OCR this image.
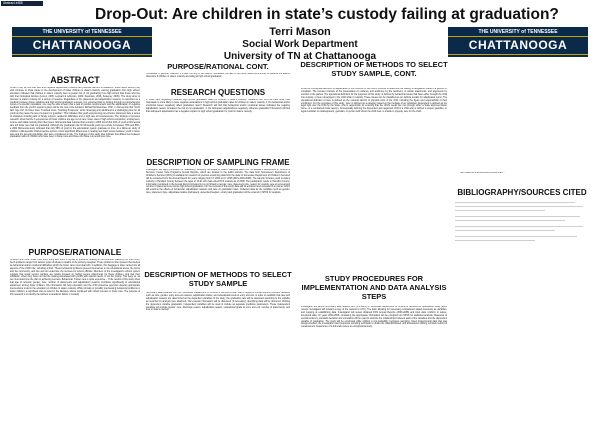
Abstract #488
Drop-Out: Are children in state’s custody failing at graduation?
THE UNIVERSITY of TENNESSEE
CHATTANOOGA
THE UNIVERSITY of TENNESSEE
CHATTANOOGA
Terri Mason
Social Work Department
University of TN at Chattanooga
ABSTRACT
While it may be true that new and negative adjudication reasons are potential barriers to academic, these same factors may also continue to show cause to the development of foster children in state's custody, earning graduation from high school. Literature indicates that children in state's custody have a greater risk of not graduating from high school than those who live with their biological families (Lorren, 2005; Leonard & Jefferson, 2009; Stearman, 2006; Sweeney, 2000). The study aims to discover in state's custody for a variety of reasons. Regardless of the placement and adjudication reasons, is examined as a predictor between these variables and high school graduation success. It is expected that by looking through a comprehensive review of a specific population, one may be able to learn that a lack of positive reinforcement and the adjudication of negative feedback from the youth's support system will be the root of the behavior. Richard McGlumshee, PhD., in his keynote that 'Youth with 'Age Out' of Foster Care: Troubled Lives, Troubling Prospects', wrote 'Emerging into adulthood is a challenging time for all youth as they leave the ties of a parent or guardian.' This indicates that youth experiencing out-of-home placement face a series of obstacles including lack of family support, academic difficulties and a high rate of homelessness. The findings of previous research show that the 3 experiences of foster children are age out of care, lower rates of high school completion, employment, income and stable housing than their peers. Minnesota data reported that a study in 2005 found that 34% of youth in Minnesota who left foster care had not graduated. Although the graduation rate for Minnesota youth as a whole is between 78% and 83%, a 2004 Minnesota study indicated that only 58% of youth in the educational system graduate on time. In a follow-up study of children in Minnesota's child protective system, found significant differences in reading and math scores between youth in foster care and the general population who were considered at risk. The findings of this study also indicate that differences between graduation rates of children who have been in foster care and those who have not persist over time.
PURPOSE/RATIONALE
Children who enter foster care often bring with them a myriad of problems relating to the recurrent reason(s) for their entry. Such problems range from various types of abuse to deaths of the primary caregiver. These problems often present themselves as behavioral and/or emotional difficulties which the foster carer must deal with. In addition, this baggage is often carried into all aspects of the child's life, including school. These behavioral problems present themselves in the educational arena, the home and the community, and can and do undermine the success for school officials. Members of the investigator's school system suggest that social service workers are mostly focused on finding secure placements for these children, and that their education, when they have not had the training associated with youths with special needs, is not the priority. This begs us, as we must determine the plan to achieving success. Behavioral: 'Foster care is quite expensive...' If the results of this study show that age of removal, gender, race, number of placements and adjudication reasons contribute significantly to educational attainment among foster children, this information will help educators and the child protective agencies develop appropriate interventions to aid in the education of children in state's custody. While formally or possibly interviewing behavioral problems in foster children, a significant step is noted in the literature whose combined with school success in foster care. The purpose of this research is to identify the barriers to academic failure in custody.
PURPOSE/RATIONAL CONT.
Tennessee, in general, however, it is well, not only in the state of Tennessee, but also in the entire Nation as a whole, to examine the data to determine if children in state's custody are failing at high school graduation.
RESEARCH QUESTIONS
1. Does race negatively influence high school graduation rates for children in state's custody? Research will find that race other than Caucasian is more likely to have negative associations in high school graduation rates for children in state's custody. 2. Do behavioral and/or emotional issues negatively affect graduation rates? Research will find that behavioral and/or emotional issues indicated the negative adjudication reason increases the risk of non-graduation. 3. Do delinquent adjudications negatively influence graduation? Research will find that delinquent adjudication has a negative impact on high school graduation for youth in state's custody.
DESCRIPTION OF SAMPLING FRAME
Investigator will apply purposive (or availability) sampling technique to collect statistical data from Tennessee's Department of Children's Services. Foster Care Program's Annual Reports, which are located in the public domain. The data from Tennessee's Department of Children's Services (DCS) is available for research of previous examining data from the state of Tennessee Department of Children's Services will be extracted from the Annual Report for years ranging from FY 2003 to FY 2008 (DCS 2003-2008). The sample includes youth in state's custody in Hamilton County between the ages of 16-21 who had exited DCS custody as of 2008. The participants reside in Hamilton County. Information contained in the Annual Report includes but is not limited to gender, race, placement type, reason for custody, age at removal and number of placements as well as high school graduation. For the purpose of this study, data will be extracted and reviewed in a manner which will examine the effects of behavioral, adjudication reasons and race on graduation rates. Collected data for the variables such as gender, race, placement type, adjudicated status (delinquent, dependent/neglect, unruly) and graduation will be entered in SPSS for analysis.
DESCRIPTION OF METHODS TO SELECT STUDY SAMPLE
Secondary data obtained from the Tennessee Department of Children's Services Foster Care Program's Annual Reports includes variables such as race, gender, entry and exit reasons, adjudication status, and educational levels at entry and exit. In order to establish that race and adjudication reasons are determined as the dependent variables of the study, the graduation rate will be assessed according to the variable as recorded on analysis (see attached). Non-relevant information will be dissolved: (if necessary), identifying data will be obscured. Utilizing the dependent variable graduation, independent variables will be used to include as separate predictive parameters. These independent variables will include gender, race, discharge reason, adjudication reason, educational grade at entry and exit, number of placements, and time in state's custody.
DESCRIPTION OF METHODS TO SELECT STUDY SAMPLE, CONT.
While the conceptual definition of adjudication is the outcome of the court's process to determine the validity of allegations made in a petition or complaint. The process consists of the presentation of evidence and testimony by the testimony or written statements, and arguments by counsel or the parties. The operational definition for the purposes of this study, is defined by behavioral issues that have either brought the child into custody, or been developed in the child while in custody. These issues can be classified as our definite models for adjudicated terms. The operational definition of race is defined as the external identity or physical color of the child, including the figure and responsibility of their enrollment. For the purposes of this study, 'race' is defined as a category based on the heritage of an individual. Dependent is defined as the legal right over the child by the State, who is responsible for ensuring that the child's needs are met through either a State approved foster home, or a contracted foster agency. Conceptually defining the dependent and neglected child is a child who is without a proper guardian, or legal custodian or relative/parent, guardian, or person with whom the child lives, is unable to properly care for the child.
STUDY PROCEDURES FOR IMPLEMENTATION AND DATA ANALYSIS STEPS
Investigator will submit secondary data request form (CS-0483) to Tennessee Department of Children's Services for quantitative study (upon receipt, investigator will forward a copy of the request to UTC). The data, allowing for necessary comparisons stated previously as variables, and ongoing at establishing data. Investigator will review obtained DCS Annual Reports (2003-2008) and input data. Uniform in nature, structured data, for years 2004-2008, containing the appropriate information will be compiled into SPSS for statistical analysis. Measures of central tendency, standard deviation and correlation will be used to examine the relationships between each of the variables and the dependent variable of graduation. The study will be conducted while utilizing a non-probability purposive sampling. Given Experimental data that was design-oriented, the investigator used purposive sampling technique to obtain the data distributed, and discussions utilizing nominal method of measurement. Experience of a full scale review at a longitudinal study.
http://www.utc.edu/Website/Archives/Staff/...
BIBLIOGRAPHY/SOURCES CITED
